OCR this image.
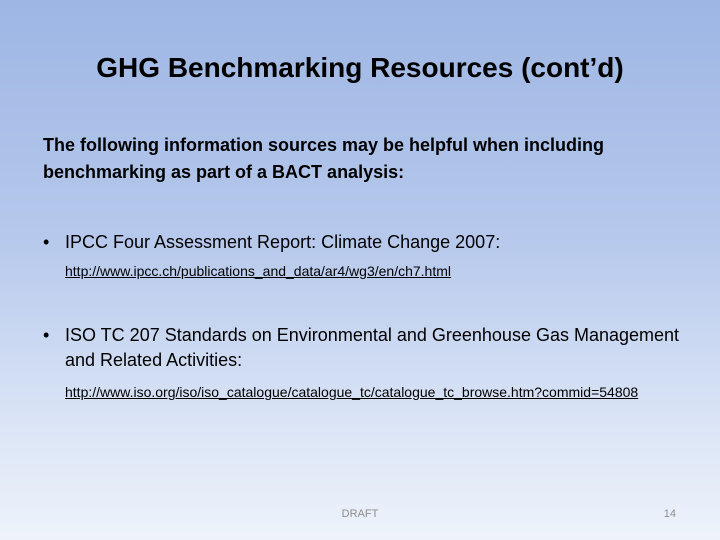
GHG Benchmarking Resources (cont’d)
The following information sources may be helpful when including benchmarking as part of a BACT analysis:
• IPCC Four Assessment Report: Climate Change 2007:
http://www.ipcc.ch/publications_and_data/ar4/wg3/en/ch7.html
• ISO TC 207 Standards on Environmental and Greenhouse Gas Management and Related Activities:
http://www.iso.org/iso/iso_catalogue/catalogue_tc/catalogue_tc_browse.htm?commid=54808
DRAFT	14
